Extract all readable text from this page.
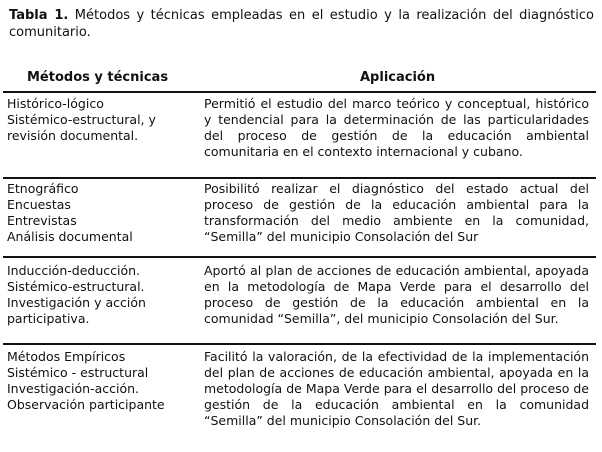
Tabla 1. Métodos y técnicas empleadas en el estudio y la realización del diagnóstico comunitario.
Métodos y técnicas	Aplicación
Histórico-lógico
Sistémico-estructural, y
revisión documental.
Permitió el estudio del marco teórico y conceptual, histórico y tendencial para la determinación de las particularidades del proceso de gestión de la educación ambiental comunitaria en el contexto internacional y cubano.
Etnográfico
Encuestas
Entrevistas
Análisis documental
Posibilitó realizar el diagnóstico del estado actual del proceso de gestión de la educación ambiental para la transformación del medio ambiente en la comunidad, “Semilla” del municipio Consolación del Sur
Inducción-deducción.
Sistémico-estructural.
Investigación y acción
participativa.
Aportó al plan de acciones de educación ambiental, apoyada en la metodología de Mapa Verde para el desarrollo del proceso de gestión de la educación ambiental en la comunidad “Semilla”, del municipio Consolación del Sur.
Métodos Empíricos
Sistémico - estructural
Investigación-acción.
Observación participante
Facilitó la valoración, de la efectividad de la implementación del plan de acciones de educación ambiental, apoyada en la metodología de Mapa Verde para el desarrollo del proceso de gestión de la educación ambiental en la comunidad “Semilla” del municipio Consolación del Sur.
